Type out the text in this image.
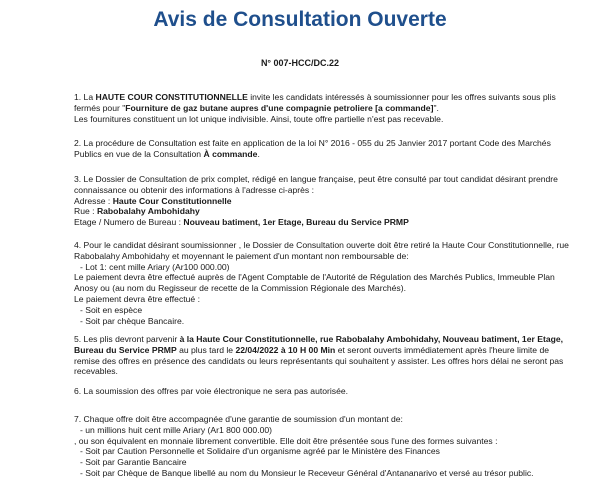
Avis de Consultation Ouverte
N° 007-HCC/DC.22

1. La HAUTE COUR CONSTITUTIONNELLE invite les candidats intéressés à soumissionner pour les offres suivants sous plis fermés pour "Fourniture de gaz butane aupres d'une compagnie petroliere [a commande]".

Les fournitures constituent un lot unique indivisible. Ainsi, toute offre partielle n'est pas recevable.

2. La procédure de Consultation est faite en application de la loi N° 2016 - 055 du 25 Janvier 2017 portant Code des Marchés Publics en vue de la Consultation À commande.

3. Le Dossier de Consultation de prix complet, rédigé en langue française, peut être consulté par tout candidat désirant prendre connaissance ou obtenir des informations à l'adresse ci-après :

Adresse : Haute Cour Constitutionnelle

Rue : Rabobalahy Ambohidahy

Etage / Numero de Bureau : Nouveau batiment, 1er Etage, Bureau du Service PRMP

4. Pour le candidat désirant soumissionner , le Dossier de Consultation ouverte doit être retiré la Haute Cour Constitutionnelle, rue Rabobalahy Ambohidahy et moyennant le paiement d'un montant non remboursable de:

- Lot 1: cent mille Ariary (Ar100 000.00)

Le paiement devra être effectué auprès de l'Agent Comptable de l'Autorité de Régulation des Marchés Publics, Immeuble Plan Anosy ou (au nom du Regisseur de recette de la Commission Régionale des Marchés).

Le paiement devra être effectué :

- Soit en espèce

- Soit par chèque Bancaire.

5. Les plis devront parvenir à la Haute Cour Constitutionnelle, rue Rabobalahy Ambohidahy, Nouveau batiment, 1er Etage, Bureau du Service PRMP au plus tard le 22/04/2022 à 10 H 00 Min et seront ouverts immédiatement après l'heure limite de remise des offres en présence des candidats ou leurs représentants qui souhaitent y assister. Les offres hors délai ne seront pas recevables.

6. La soumission des offres par voie électronique ne sera pas autorisée.

7. Chaque offre doit être accompagnée d'une garantie de soumission d'un montant de:

- un millions huit cent mille Ariary (Ar1 800 000.00)

, ou son équivalent en monnaie librement convertible. Elle doit être présentée sous l'une des formes suivantes :

- Soit par Caution Personnelle et Solidaire d'un organisme agréé par le Ministère des Finances

- Soit par Garantie Bancaire

- Soit par Chèque de Banque libellé au nom du Monsieur le Receveur Général d'Antananarivo et versé au trésor public.
